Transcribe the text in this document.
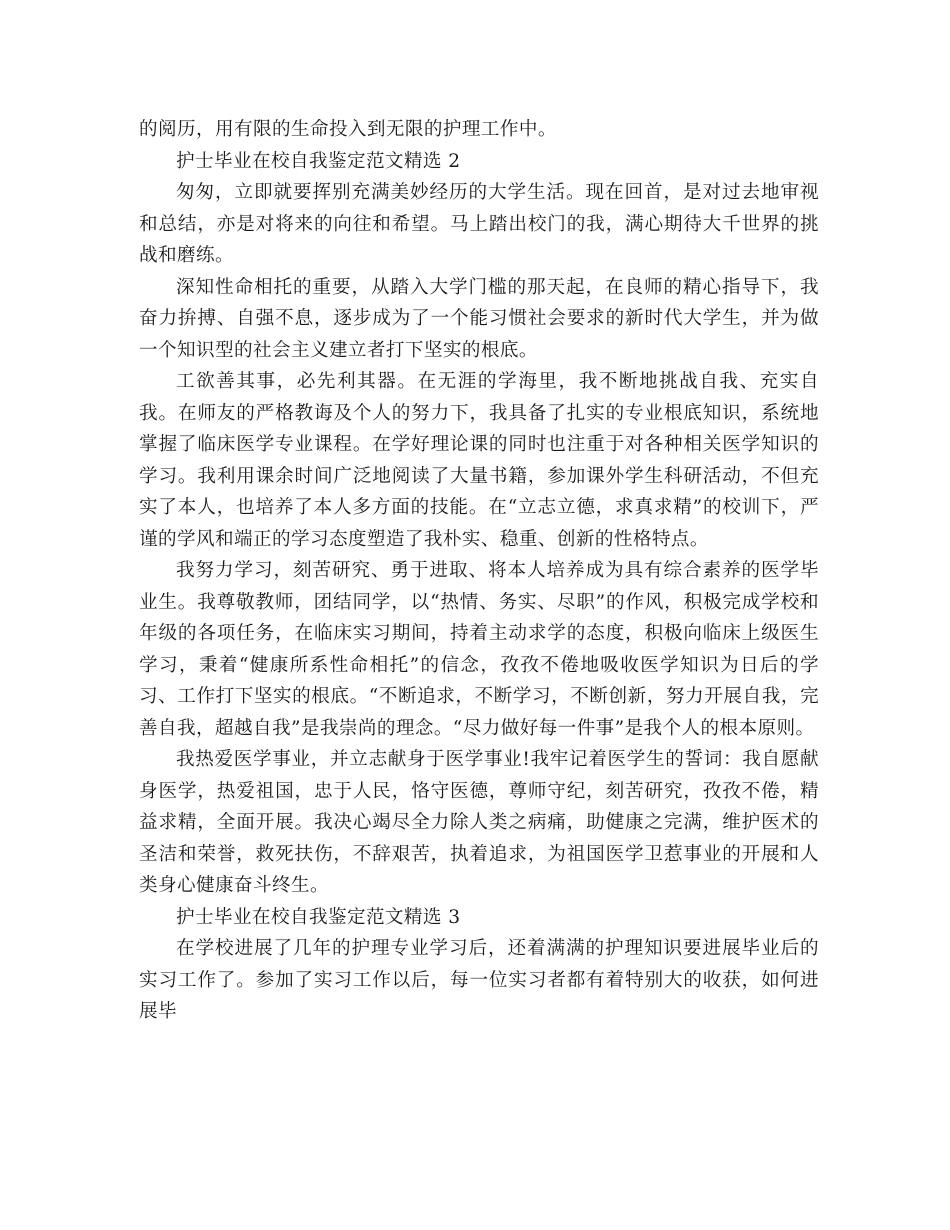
的阅历，用有限的生命投入到无限的护理工作中。

护士毕业在校自我鉴定范文精选 2

匆匆，立即就要挥别充满美妙经历的大学生活。现在回首，是对过去地审视和总结，亦是对将来的向往和希望。马上踏出校门的我，满心期待大千世界的挑战和磨练。

深知性命相托的重要，从踏入大学门槛的那天起，在良师的精心指导下，我奋力拚搏、自强不息，逐步成为了一个能习惯社会要求的新时代大学生，并为做一个知识型的社会主义建立者打下坚实的根底。

工欲善其事，必先利其器。在无涯的学海里，我不断地挑战自我、充实自我。在师友的严格教诲及个人的努力下，我具备了扎实的专业根底知识，系统地掌握了临床医学专业课程。在学好理论课的同时也注重于对各种相关医学知识的学习。我利用课余时间广泛地阅读了大量书籍，参加课外学生科研活动，不但充实了本人，也培养了本人多方面的技能。在“立志立德，求真求精”的校训下，严谨的学风和端正的学习态度塑造了我朴实、稳重、创新的性格特点。

我努力学习，刻苦研究、勇于进取、将本人培养成为具有综合素养的医学毕业生。我尊敬教师，团结同学，以“热情、务实、尽职”的作风，积极完成学校和年级的各项任务，在临床实习期间，持着主动求学的态度，积极向临床上级医生学习，秉着“健康所系性命相托”的信念，孜孜不倦地吸收医学知识为日后的学习、工作打下坚实的根底。“不断追求，不断学习，不断创新，努力开展自我，完善自我，超越自我”是我崇尚的理念。“尽力做好每一件事”是我个人的根本原则。

我热爱医学事业，并立志献身于医学事业!我牢记着医学生的誓词：我自愿献身医学，热爱祖国，忠于人民，恪守医德，尊师守纪，刻苦研究，孜孜不倦，精益求精，全面开展。我决心竭尽全力除人类之病痛，助健康之完满，维护医术的圣洁和荣誉，救死扶伤，不辞艰苦，执着追求，为祖国医学卫惹事业的开展和人类身心健康奋斗终生。

护士毕业在校自我鉴定范文精选 3

在学校进展了几年的护理专业学习后，还着满满的护理知识要进展毕业后的实习工作了。参加了实习工作以后，每一位实习者都有着特别大的收获，如何进展毕
